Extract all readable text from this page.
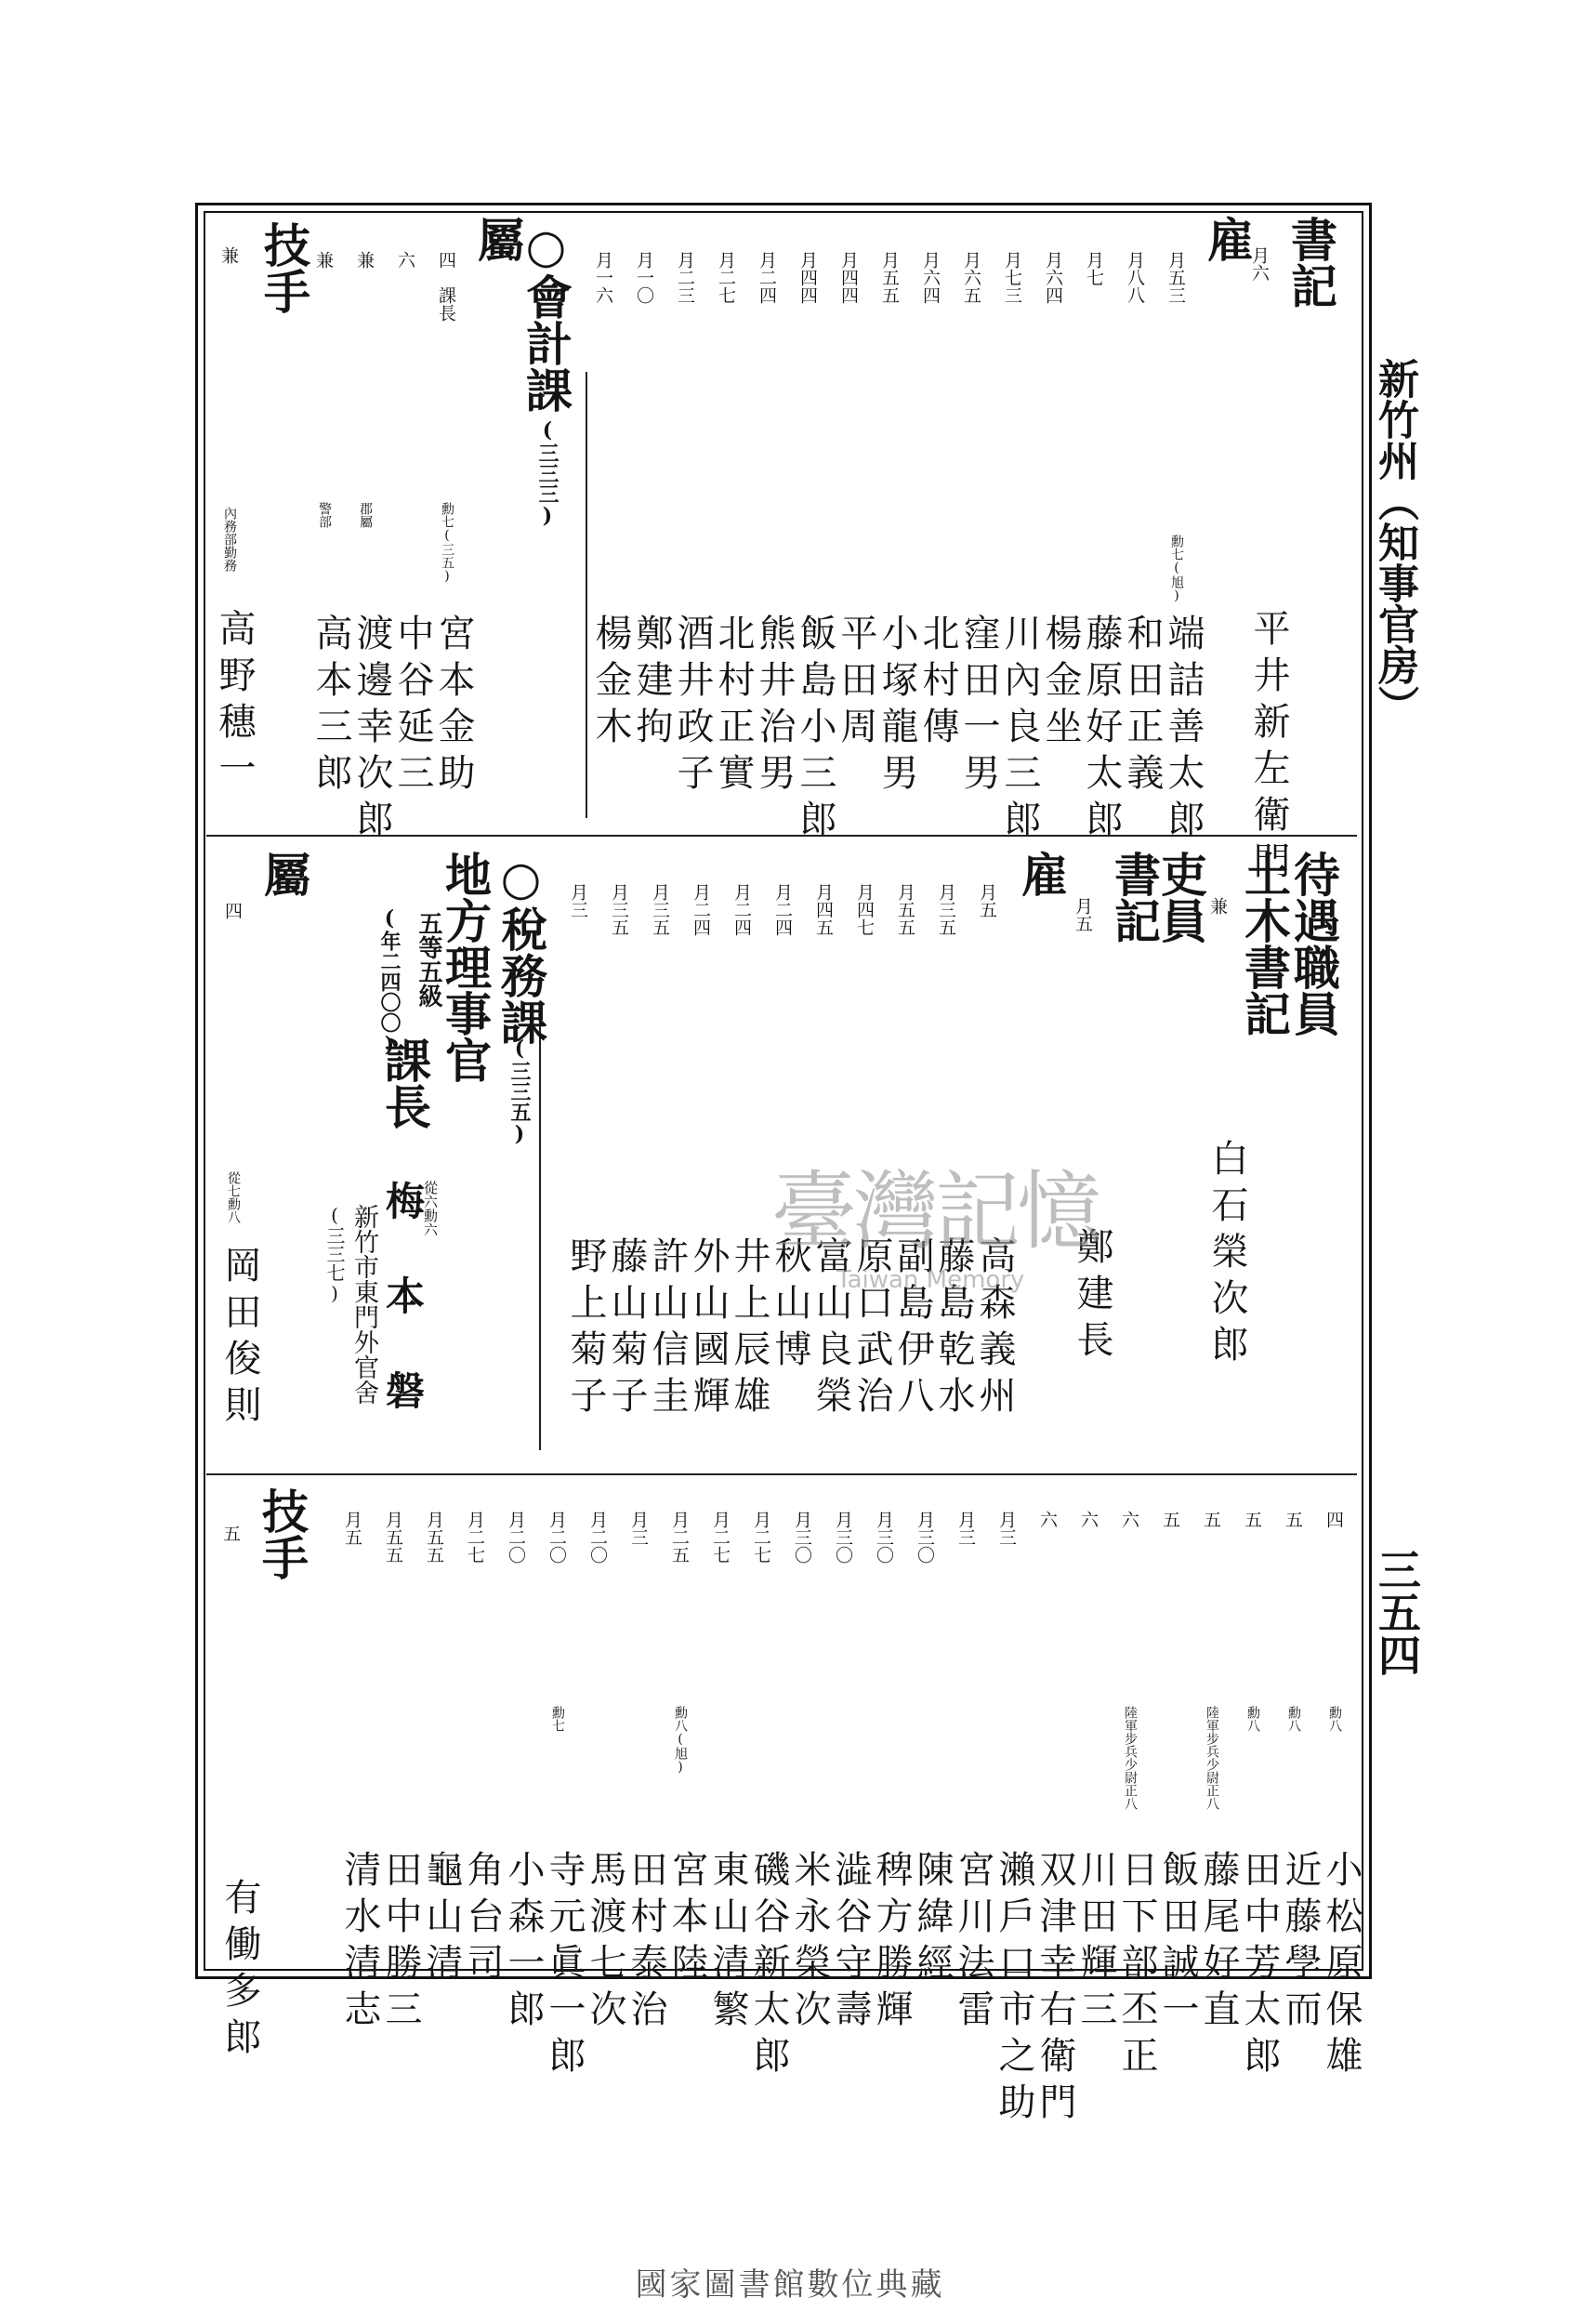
新竹州（知事官房）
三五四
書記
月六
平井新左衛門
雇
月五三
勳七(旭)
端詰善太郎
月八八
和田正義
月七
藤原好太郎
月六四
楊金坐
月七三
川內良三郎
月六五
窪田一男
月六四
北村傳
月五五
小塚龍男
月四四
平田周
月四四
飯島小三郎
月二四
熊井治男
月二七
北村正實
月二三
酒井政子
月一〇
鄭建拘
月一六
楊金木
○會計課
(三三三)
屬
四　課長
勳七(三五)
宮本金助
六
中谷延三
兼
郡屬
渡邊幸次郎
兼
警部
高本三郎
技手
兼
內務部勤務
高野穗一
待遇職員
土木書記
兼
白石榮次郎
吏員
書記
月五
鄭建長
雇
月五
高森義州
月三五
藤島乾水
月五五
副島伊八
月四七
原口武治
月四五
富山良榮
月二四
秋山博
月二四
井上辰雄
月二四
外山國輝
月三五
許山信圭
月三五
藤山菊子
月三
野上菊子
○稅務課
(三三五)
地方理事官
五等五級
(年二四〇〇)
課長
從六勳六
梅本磐
新竹市東門外官舍
(三三七)
屬
四
從七勳八
岡田俊則
臺灣記憶
Taiwan Memory
四
勳八
小松原保雄
五
勳八
近藤學而
五
勳八
田中芳太郎
五
陸軍步兵少尉正八
藤尾好直
五
飯田誠一
六
陸軍步兵少尉正八
日下部丕正
六
川田輝三
六
双津幸右衛門
月三
瀨戶口市之助
月三
宮川法雷
月三〇
陳緯經
月三〇
稗方勝輝
月三〇
澁谷守壽
月三〇
米永榮次
月二七
磯谷新太郎
月二七
東山清繁
月二五
勳八(旭)
宮本陸
月三
田村泰治
月二〇
馬渡七次
月二〇
勳七
寺元眞一郎
月二〇
小森一郎
月二七
角台司
月五五
龜山清
月五五
田中勝三
月五
清水清志
技手
五
有働多郎
國家圖書館數位典藏
